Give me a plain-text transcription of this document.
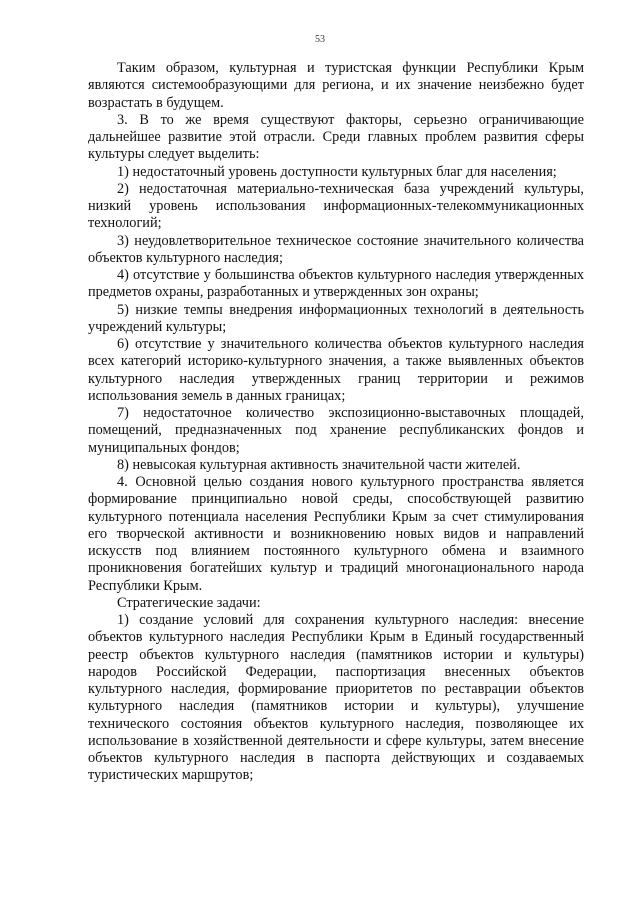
53

Таким образом, культурная и туристская функции Республики Крым являются системообразующими для региона, и их значение неизбежно будет возрастать в будущем.

3. В то же время существуют факторы, серьезно ограничивающие дальнейшее развитие этой отрасли. Среди главных проблем развития сферы культуры следует выделить:

1) недостаточный уровень доступности культурных благ для населения;

2) недостаточная материально-техническая база учреждений культуры, низкий уровень использования информационных-телекоммуникационных технологий;

3) неудовлетворительное техническое состояние значительного количества объектов культурного наследия;

4) отсутствие у большинства объектов культурного наследия утвержденных предметов охраны, разработанных и утвержденных зон охраны;

5) низкие темпы внедрения информационных технологий в деятельность учреждений культуры;

6) отсутствие у значительного количества объектов культурного наследия всех категорий историко-культурного значения, а также выявленных объектов культурного наследия утвержденных границ территории и режимов использования земель в данных границах;

7) недостаточное количество экспозиционно-выставочных площадей, помещений, предназначенных под хранение республиканских фондов и муниципальных фондов;

8) невысокая культурная активность значительной части жителей.

4. Основной целью создания нового культурного пространства является формирование принципиально новой среды, способствующей развитию культурного потенциала населения Республики Крым за счет стимулирования его творческой активности и возникновению новых видов и направлений искусств под влиянием постоянного культурного обмена и взаимного проникновения богатейших культур и традиций многонационального народа Республики Крым.

Стратегические задачи:

1) создание условий для сохранения культурного наследия: внесение объектов культурного наследия Республики Крым в Единый государственный реестр объектов культурного наследия (памятников истории и культуры) народов Российской Федерации, паспортизация внесенных объектов культурного наследия, формирование приоритетов по реставрации объектов культурного наследия (памятников истории и культуры), улучшение технического состояния объектов культурного наследия, позволяющее их использование в хозяйственной деятельности и сфере культуры, затем внесение объектов культурного наследия в паспорта действующих и создаваемых туристических маршрутов;
